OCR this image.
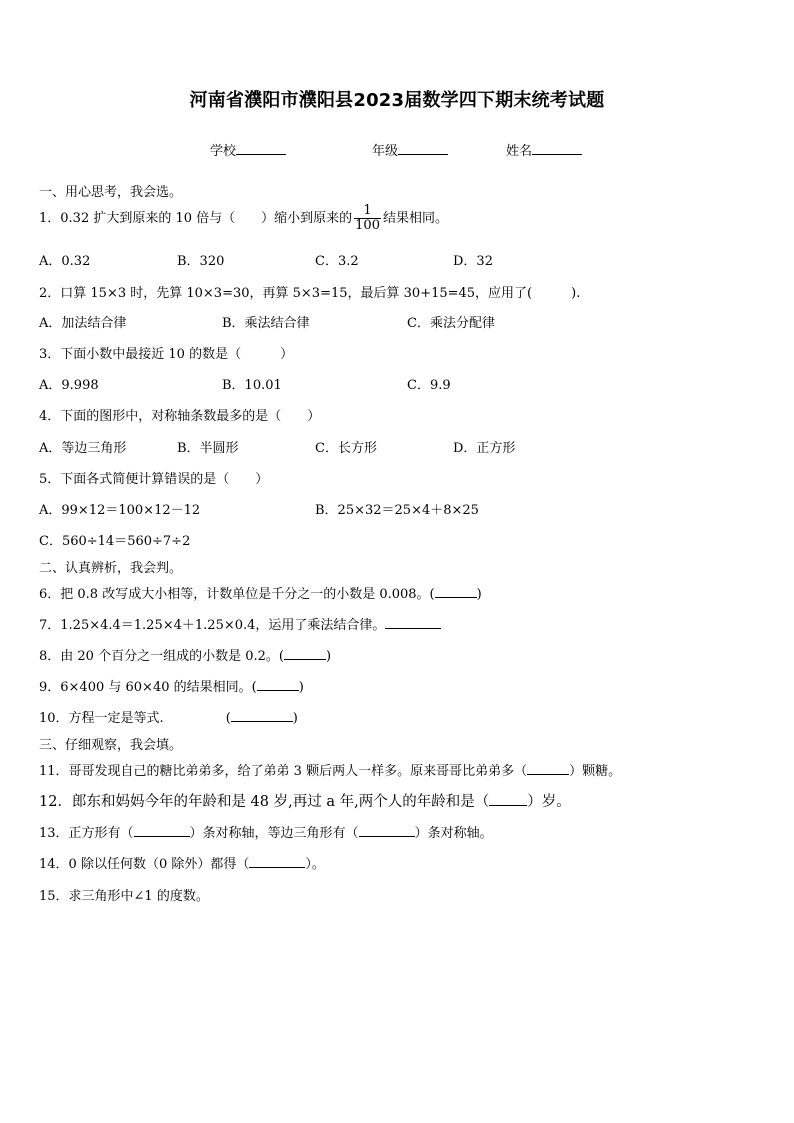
河南省濮阳市濮阳县2023届数学四下期末统考试题
学校	年级	姓名
一、用心思考，我会选。
1．0.32 扩大到原来的 10 倍与（　　）缩小到原来的 $\frac{1}{100}$ 结果相同。
A．0.32	B．320	C．3.2	D．32
2．口算 15×3 时，先算 10×3=30，再算 5×3=15，最后算 30+15=45，应用了(　　　).
A．加法结合律	B．乘法结合律	C．乘法分配律
3．下面小数中最接近 10 的数是（　　　）
A．9.998	B．10.01	C．9.9
4．下面的图形中，对称轴条数最多的是（　　）
A．等边三角形	B．半圆形	C．长方形	D．正方形
5．下面各式简便计算错误的是（　　）
A．99×12＝100×12－12	B．25×32＝25×4＋8×25
C．560÷14＝560÷7÷2
二、认真辨析，我会判。
6．把 0.8 改写成大小相等，计数单位是千分之一的小数是 0.008。(	)
7．1.25×4.4＝1.25×4＋1.25×0.4，运用了乘法结合律。
8．由 20 个百分之一组成的小数是 0.2。(	)
9．6×400 与 60×40 的结果相同。(	)
10．方程一定是等式.	(	)
三、仔细观察，我会填。
11．哥哥发现自己的糖比弟弟多，给了弟弟 3 颗后两人一样多。原来哥哥比弟弟多（	）颗糖。
12．郎东和妈妈今年的年龄和是 48 岁,再过 a 年,两个人的年龄和是（	）岁。
13．正方形有（	）条对称轴，等边三角形有（	）条对称轴。
14．0 除以任何数（0 除外）都得（	）。
15．求三角形中∠1 的度数。
